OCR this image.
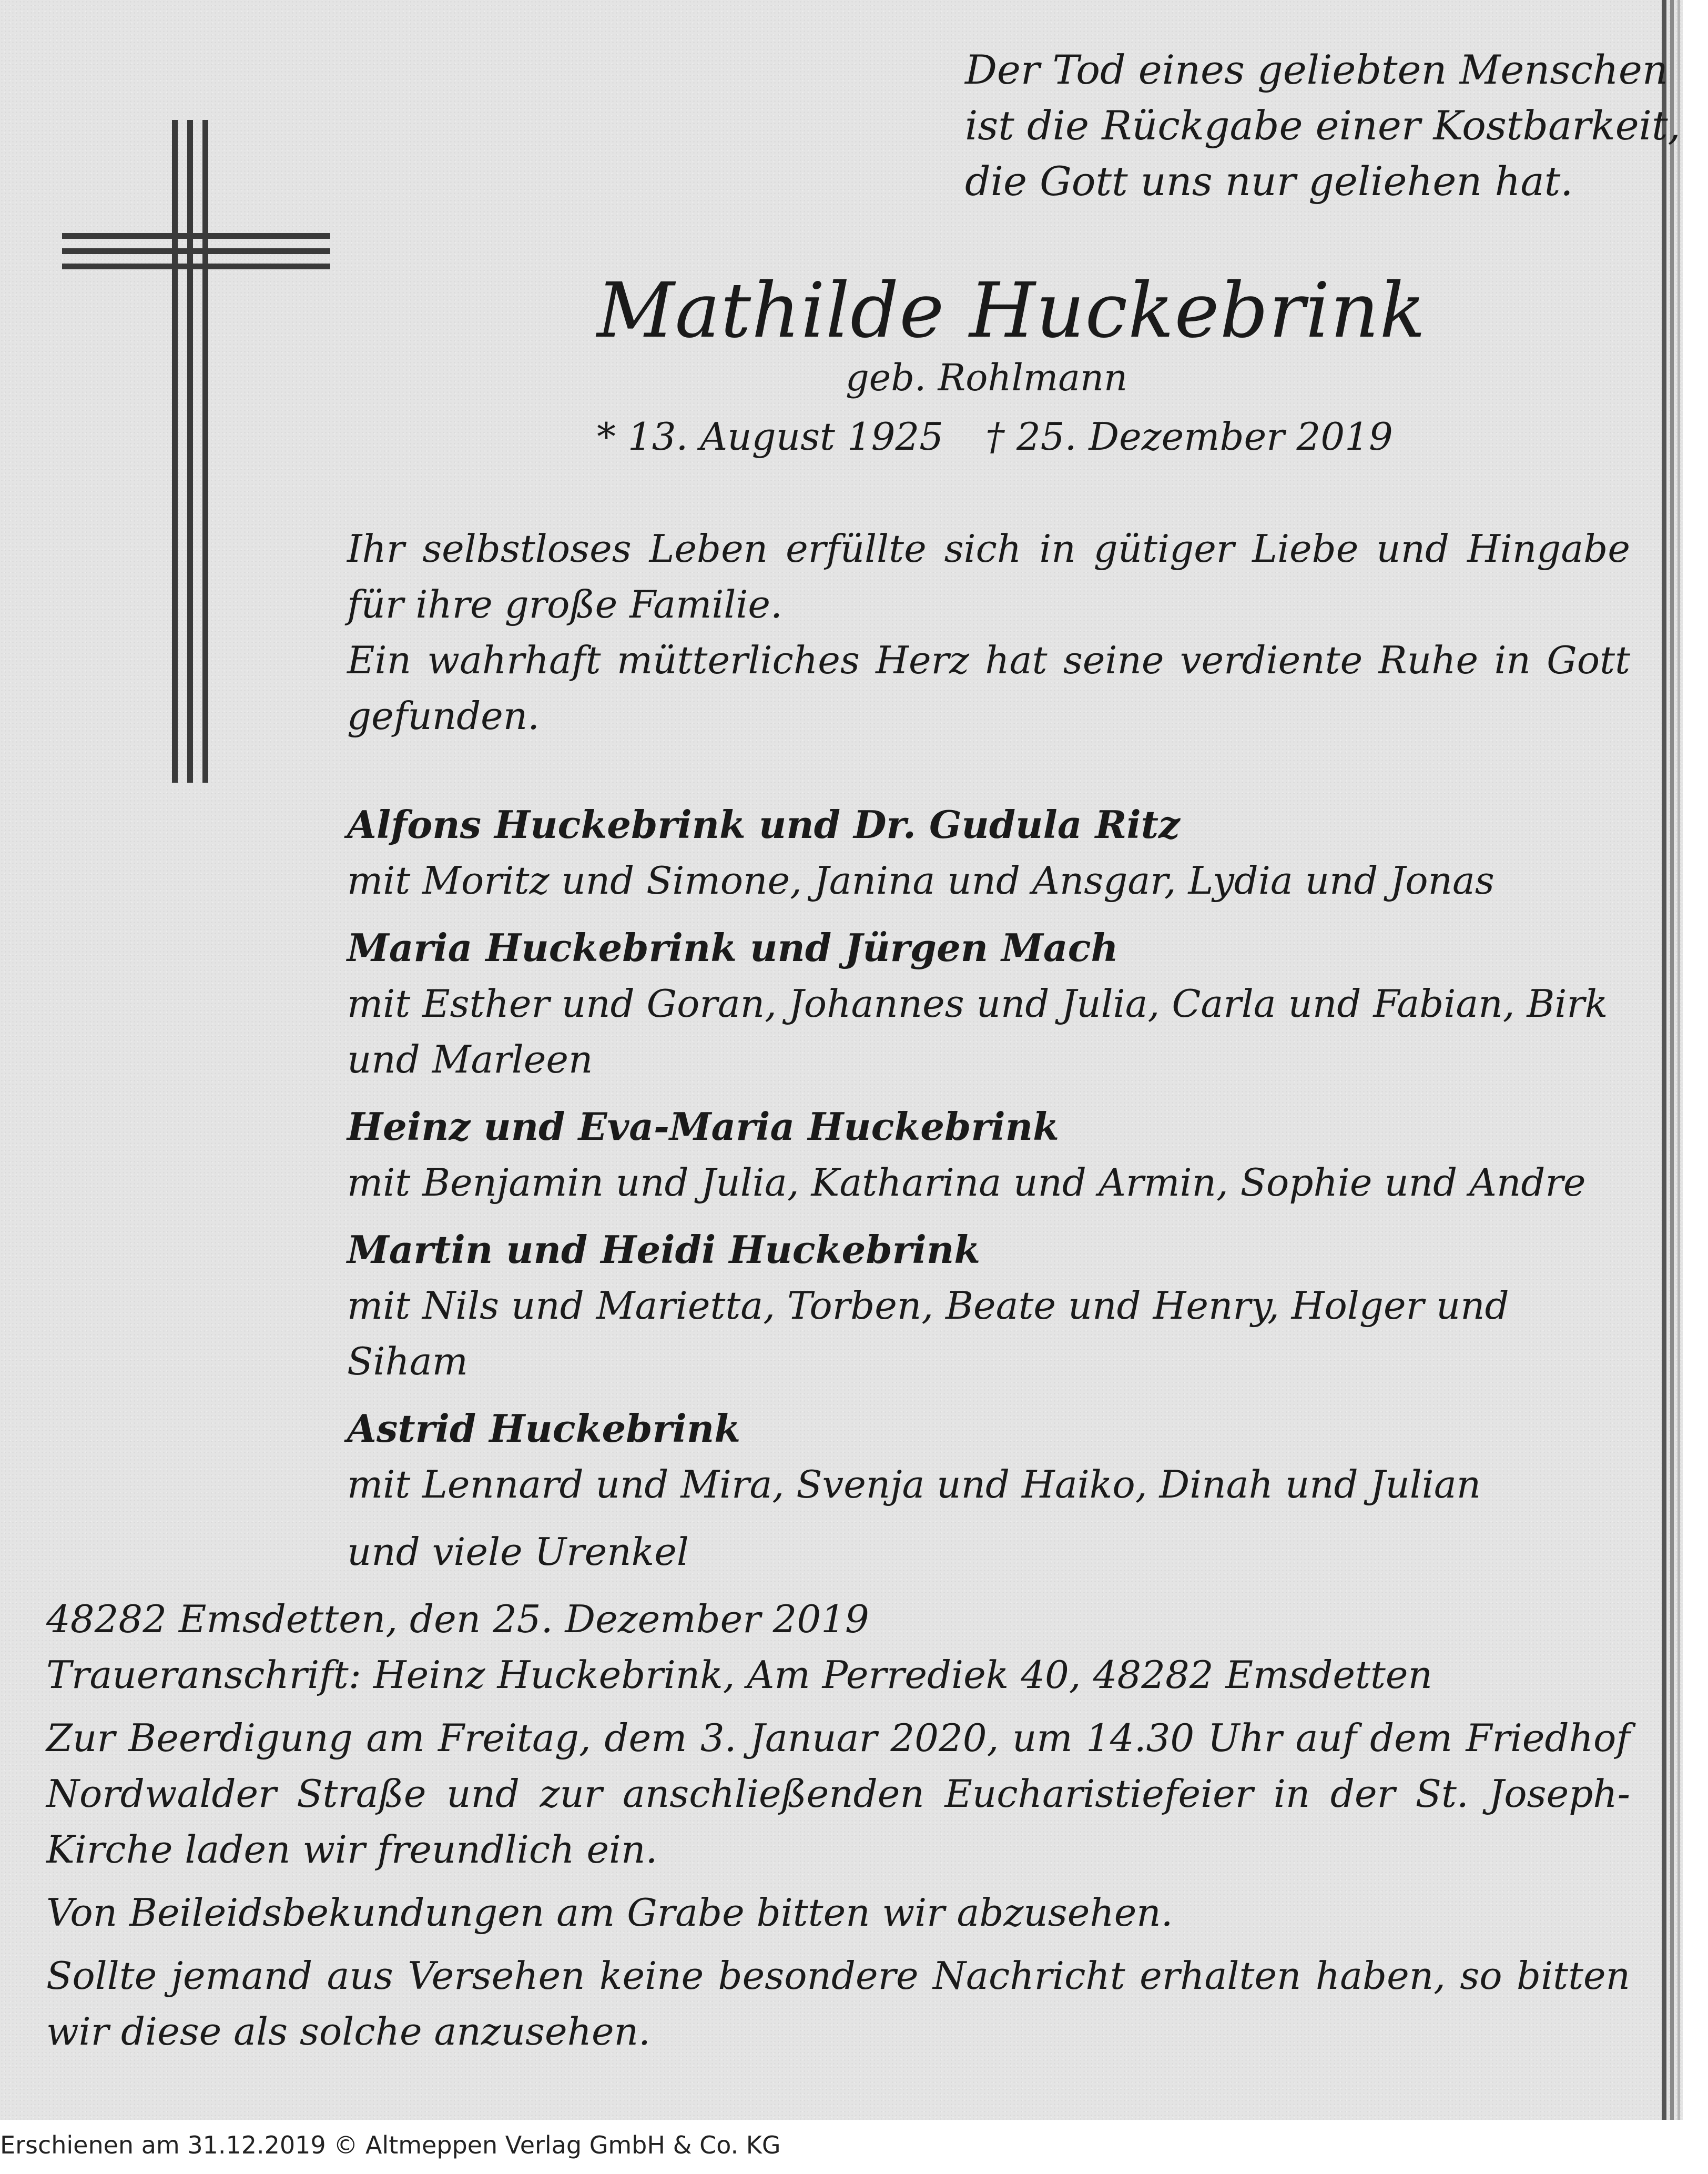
Der Tod eines geliebten Menschen
ist die Rückgabe einer Kostbarkeit,
die Gott uns nur geliehen hat.
Mathilde Huckebrink
geb. Rohlmann
* 13. August 1925 † 25. Dezember 2019

Ihr selbstloses Leben erfüllte sich in gütiger Liebe und Hingabe für ihre große Familie.

Ein wahrhaft mütterliches Herz hat seine verdiente Ruhe in Gott gefunden.

Alfons Huckebrink und Dr. Gudula Ritz
mit Moritz und Simone, Janina und Ansgar, Lydia und Jonas
Maria Huckebrink und Jürgen Mach
mit Esther und Goran, Johannes und Julia, Carla und Fabian, Birk und Marleen
Heinz und Eva-Maria Huckebrink
mit Benjamin und Julia, Katharina und Armin, Sophie und Andre
Martin und Heidi Huckebrink
mit Nils und Marietta, Torben, Beate und Henry, Holger und Siham
Astrid Huckebrink
mit Lennard und Mira, Svenja und Haiko, Dinah und Julian
und viele Urenkel

48282 Emsdetten, den 25. Dezember 2019

Traueranschrift: Heinz Huckebrink, Am Perrediek 40, 48282 Emsdetten

Zur Beerdigung am Freitag, dem 3. Januar 2020, um 14.30 Uhr auf dem Friedhof Nordwalder Straße und zur anschließenden Eucharistiefeier in der St. Joseph-Kirche laden wir freundlich ein.

Von Beileidsbekundungen am Grabe bitten wir abzusehen.

Sollte jemand aus Versehen keine besondere Nachricht erhalten haben, so bitten wir diese als solche anzusehen.

Erschienen am 31.12.2019 © Altmeppen Verlag GmbH & Co. KG
